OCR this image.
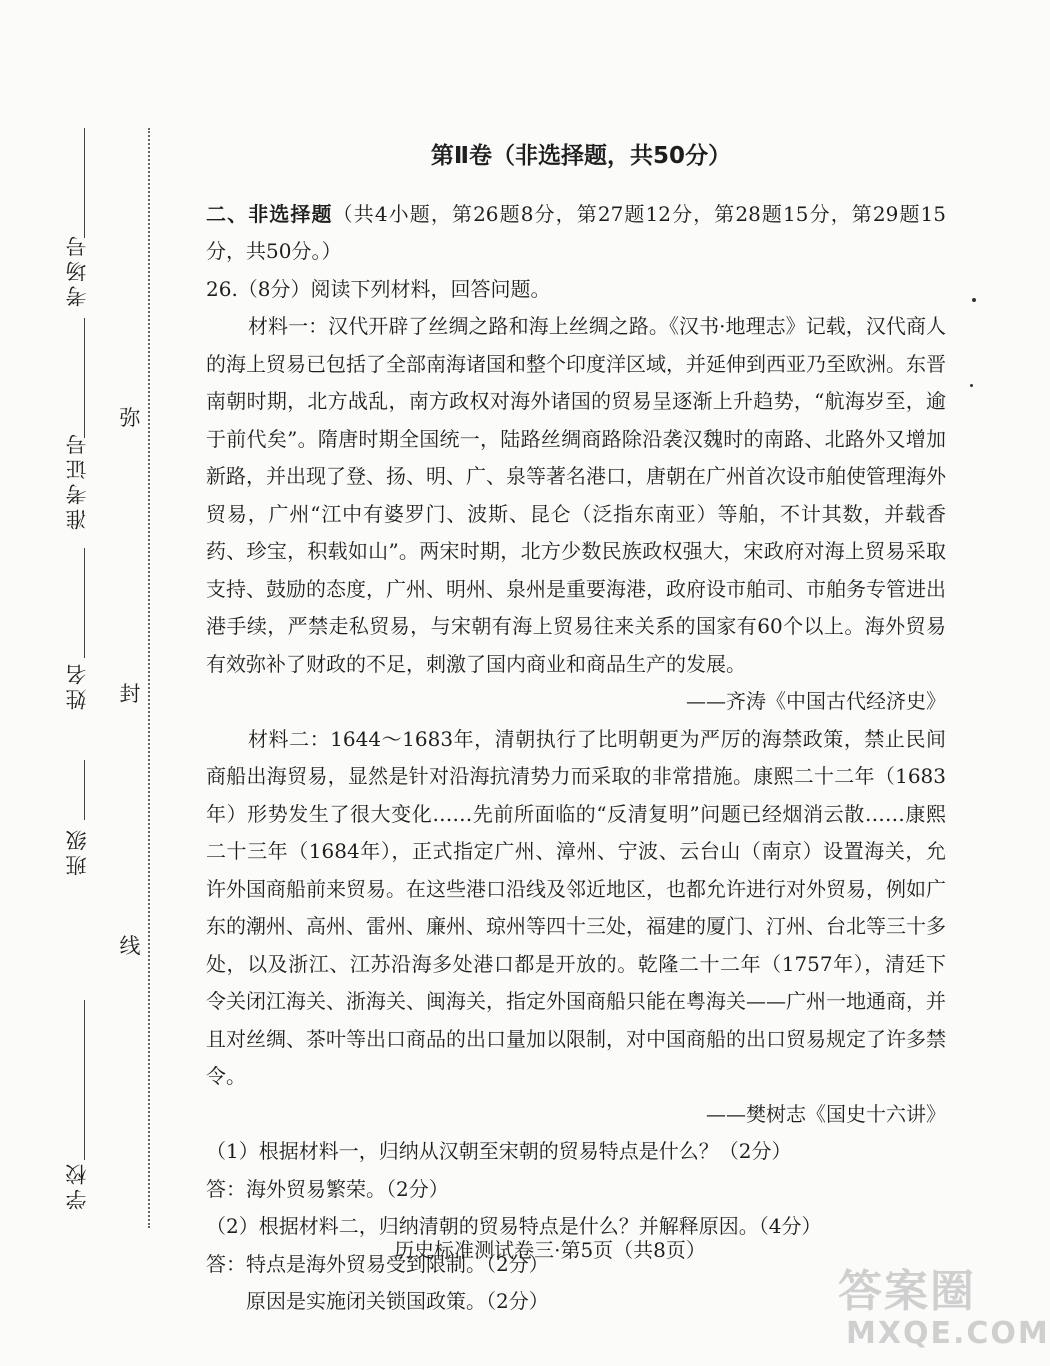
考场号
准考证号
姓名
班级
学校
弥
封
线
第Ⅱ卷（非选择题，共50分）

二、非选择题（共4小题，第26题8分，第27题12分，第28题15分，第29题15分，共50分。）

26.（8分）阅读下列材料，回答问题。

材料一：汉代开辟了丝绸之路和海上丝绸之路。《汉书·地理志》记载，汉代商人的海上贸易已包括了全部南海诸国和整个印度洋区域，并延伸到西亚乃至欧洲。东晋南朝时期，北方战乱，南方政权对海外诸国的贸易呈逐渐上升趋势，“航海岁至，逾于前代矣”。隋唐时期全国统一，陆路丝绸商路除沿袭汉魏时的南路、北路外又增加新路，并出现了登、扬、明、广、泉等著名港口，唐朝在广州首次设市舶使管理海外贸易，广州“江中有婆罗门、波斯、昆仑（泛指东南亚）等舶，不计其数，并载香药、珍宝，积载如山”。两宋时期，北方少数民族政权强大，宋政府对海上贸易采取支持、鼓励的态度，广州、明州、泉州是重要海港，政府设市舶司、市舶务专管进出港手续，严禁走私贸易，与宋朝有海上贸易往来关系的国家有60个以上。海外贸易有效弥补了财政的不足，刺激了国内商业和商品生产的发展。

——齐涛《中国古代经济史》

材料二：1644～1683年，清朝执行了比明朝更为严厉的海禁政策，禁止民间商船出海贸易，显然是针对沿海抗清势力而采取的非常措施。康熙二十二年（1683年）形势发生了很大变化……先前所面临的“反清复明”问题已经烟消云散……康熙二十三年（1684年），正式指定广州、漳州、宁波、云台山（南京）设置海关，允许外国商船前来贸易。在这些港口沿线及邻近地区，也都允许进行对外贸易，例如广东的潮州、高州、雷州、廉州、琼州等四十三处，福建的厦门、汀州、台北等三十多处，以及浙江、江苏沿海多处港口都是开放的。乾隆二十二年（1757年），清廷下令关闭江海关、浙海关、闽海关，指定外国商船只能在粤海关——广州一地通商，并且对丝绸、茶叶等出口商品的出口量加以限制，对中国商船的出口贸易规定了许多禁令。

——樊树志《国史十六讲》

（1）根据材料一，归纳从汉朝至宋朝的贸易特点是什么？（2分）

答：海外贸易繁荣。（2分）

（2）根据材料二，归纳清朝的贸易特点是什么？并解释原因。（4分）

答：特点是海外贸易受到限制。（2分）

原因是实施闭关锁国政策。（2分）

历史标准测试卷三·第5页（共8页）
答案圈
MXQE.COM
